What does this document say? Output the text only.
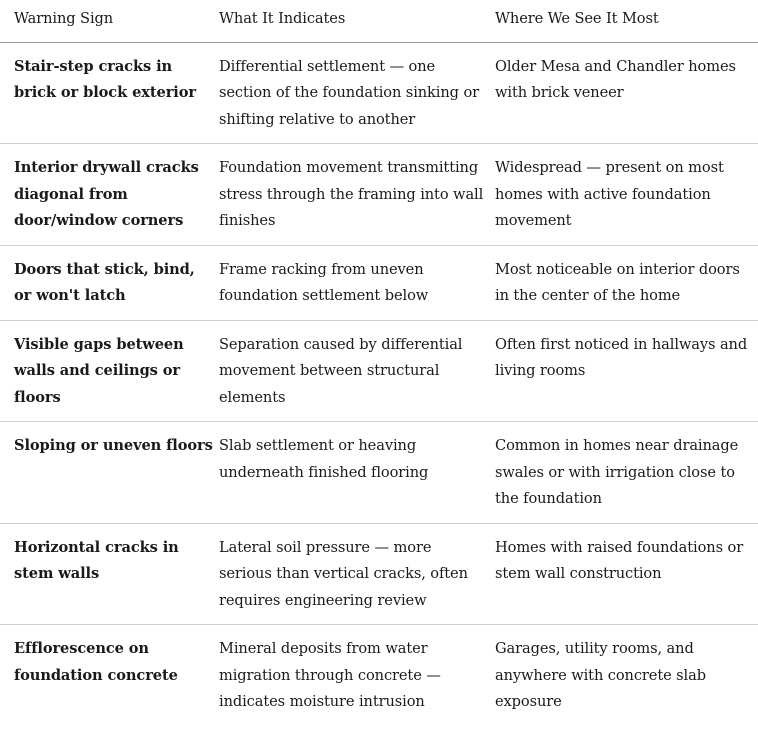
Warning Sign	What It Indicates	Where We See It Most
Stair-step cracks in brick or block exterior
Differential settlement — one section of the foundation sinking or shifting relative to another
Older Mesa and Chandler homes with brick veneer
Interior drywall cracks diagonal from door/window corners
Foundation movement transmitting stress through the framing into wall finishes
Widespread — present on most homes with active foundation movement
Doors that stick, bind, or won't latch
Frame racking from uneven foundation settlement below
Most noticeable on interior doors in the center of the home
Visible gaps between walls and ceilings or floors
Separation caused by differential movement between structural elements
Often first noticed in hallways and living rooms
Sloping or uneven floors Slab settlement or heaving underneath finished flooring
Common in homes near drainage swales or with irrigation close to the foundation
Horizontal cracks in stem walls
Lateral soil pressure — more serious than vertical cracks, often requires engineering review
Homes with raised foundations or stem wall construction
Efflorescence on foundation concrete
Mineral deposits from water migration through concrete — indicates moisture intrusion
Garages, utility rooms, and anywhere with concrete slab exposure
